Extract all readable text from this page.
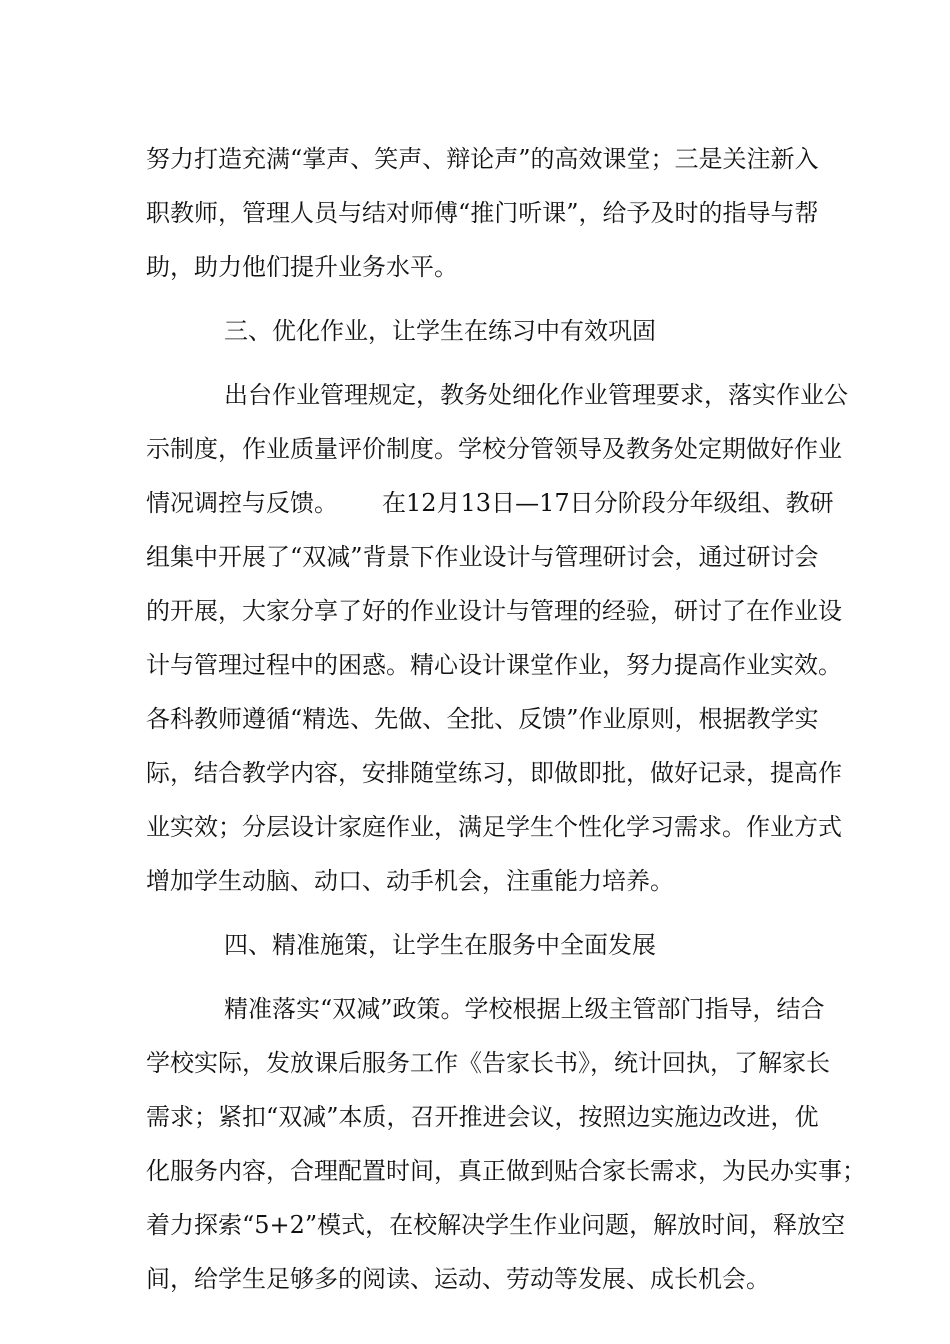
努力打造充满“掌声、笑声、辩论声”的高效课堂；三是关注新入
职教师，管理人员与结对师傅“推门听课”，给予及时的指导与帮
助，助力他们提升业务水平。
三、优化作业，让学生在练习中有效巩固
出台作业管理规定，教务处细化作业管理要求，落实作业公
示制度，作业质量评价制度。学校分管领导及教务处定期做好作业
情况调控与反馈。 在12月13日—17日分阶段分年级组、教研
组集中开展了“双减”背景下作业设计与管理研讨会，通过研讨会
的开展，大家分享了好的作业设计与管理的经验，研讨了在作业设
计与管理过程中的困惑。精心设计课堂作业，努力提高作业实效。
各科教师遵循“精选、先做、全批、反馈”作业原则，根据教学实
际，结合教学内容，安排随堂练习，即做即批，做好记录，提高作
业实效；分层设计家庭作业，满足学生个性化学习需求。作业方式
增加学生动脑、动口、动手机会，注重能力培养。
四、精准施策，让学生在服务中全面发展
精准落实“双减”政策。学校根据上级主管部门指导，结合
学校实际，发放课后服务工作《告家长书》，统计回执，了解家长
需求；紧扣“双减”本质，召开推进会议，按照边实施边改进，优
化服务内容，合理配置时间，真正做到贴合家长需求，为民办实事；
着力探索“5+2”模式，在校解决学生作业问题，解放时间，释放空
间，给学生足够多的阅读、运动、劳动等发展、成长机会。
